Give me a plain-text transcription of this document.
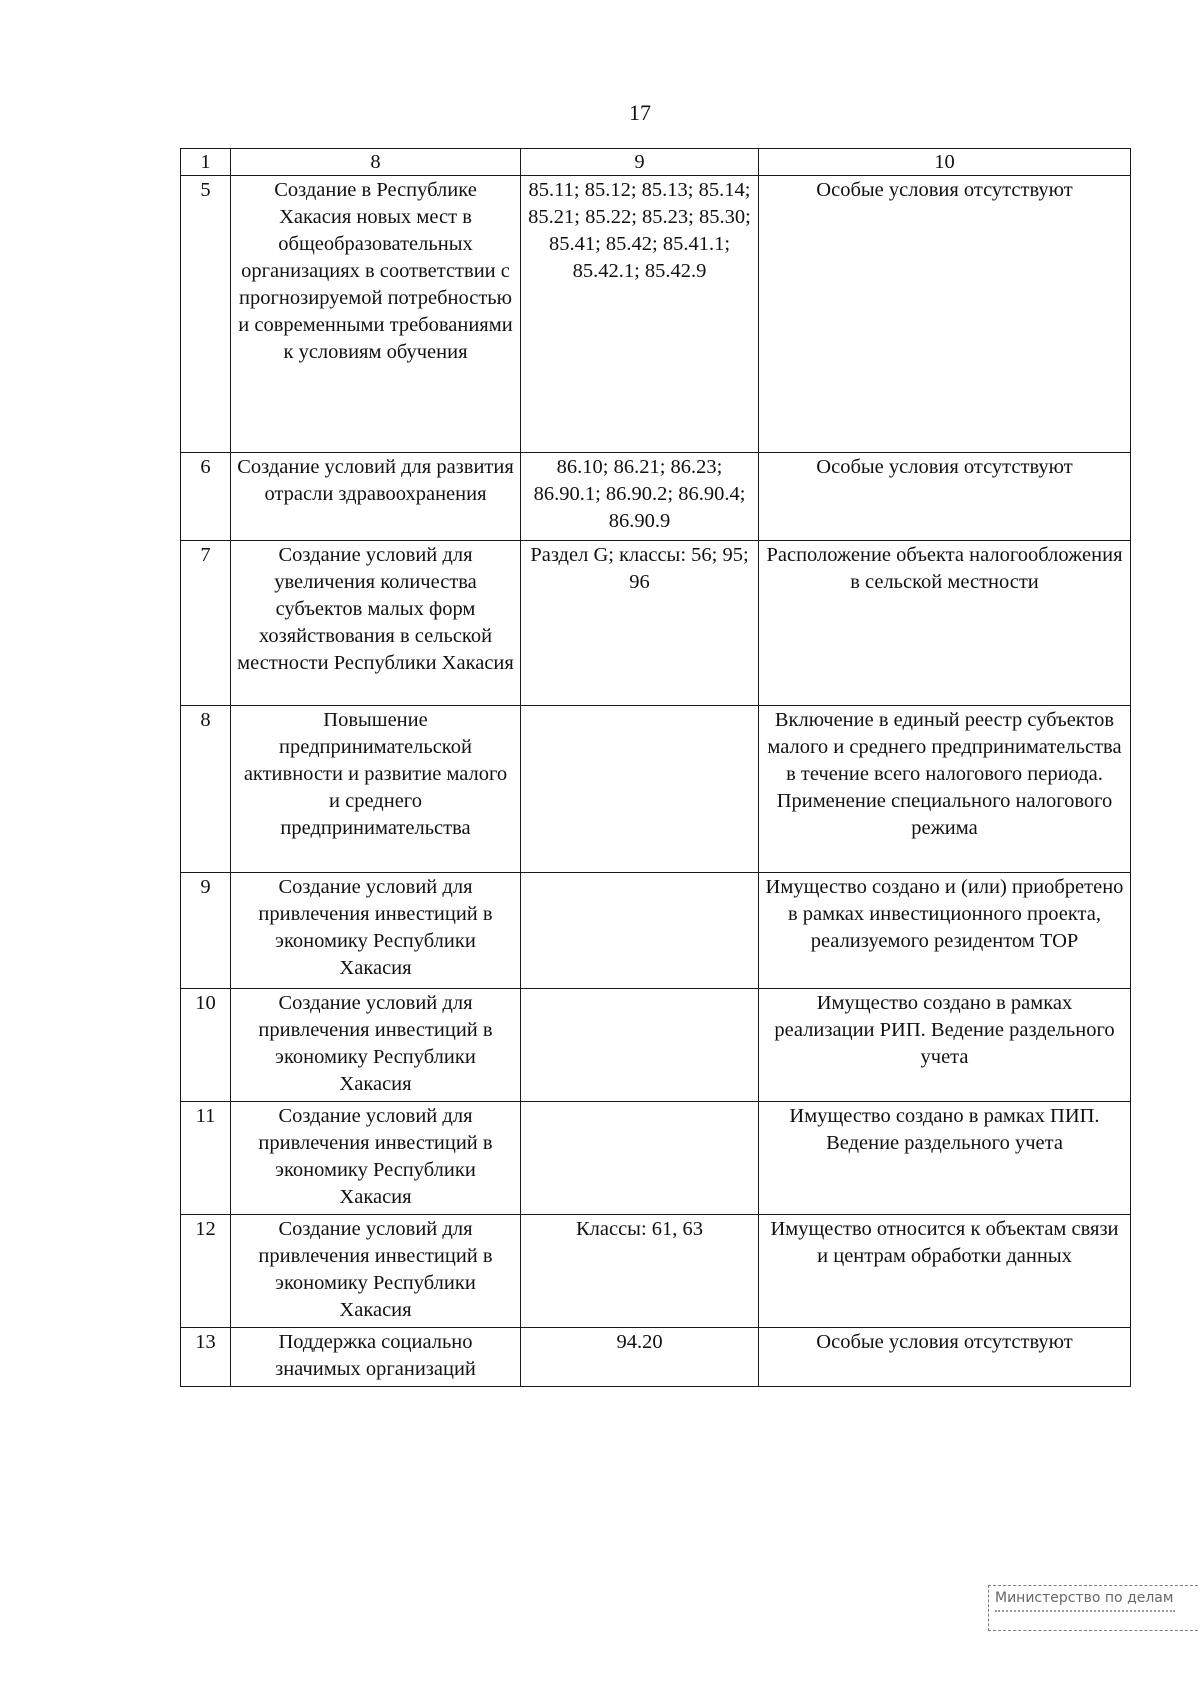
17
1	8	9	10
5	Создание в Республике Хакасия новых мест в общеобразовательных организациях в соответствии с прогнозируемой потребностью и современными требованиями к условиям обучения	85.11; 85.12; 85.13; 85.14; 85.21; 85.22; 85.23; 85.30; 85.41; 85.42; 85.41.1; 85.42.1; 85.42.9	Особые условия отсутствуют
6	Создание условий для развития отрасли здравоохранения	86.10; 86.21; 86.23; 86.90.1; 86.90.2; 86.90.4; 86.90.9	Особые условия отсутствуют
7	Создание условий для увеличения количества субъектов малых форм хозяйствования в сельской местности Республики Хакасия	Раздел G; классы: 56; 95; 96	Расположение объекта налогообложения в сельской местности
8	Повышение предпринимательской активности и развитие малого и среднего предпринимательства		Включение в единый реестр субъектов малого и среднего предпринимательства в течение всего налогового периода. Применение специального налогового режима
9	Создание условий для привлечения инвестиций в экономику Республики Хакасия		Имущество создано и (или) приобретено в рамках инвестиционного проекта, реализуемого резидентом ТОР
10	Создание условий для привлечения инвестиций в экономику Республики Хакасия		Имущество создано в рамках реализации РИП. Ведение раздельного учета
11	Создание условий для привлечения инвестиций в экономику Республики Хакасия		Имущество создано в рамках ПИП. Ведение раздельного учета
12	Создание условий для привлечения инвестиций в экономику Республики Хакасия	Классы: 61, 63	Имущество относится к объектам связи и центрам обработки данных
13	Поддержка социально значимых организаций	94.20	Особые условия отсутствуют
Министерство по делам
